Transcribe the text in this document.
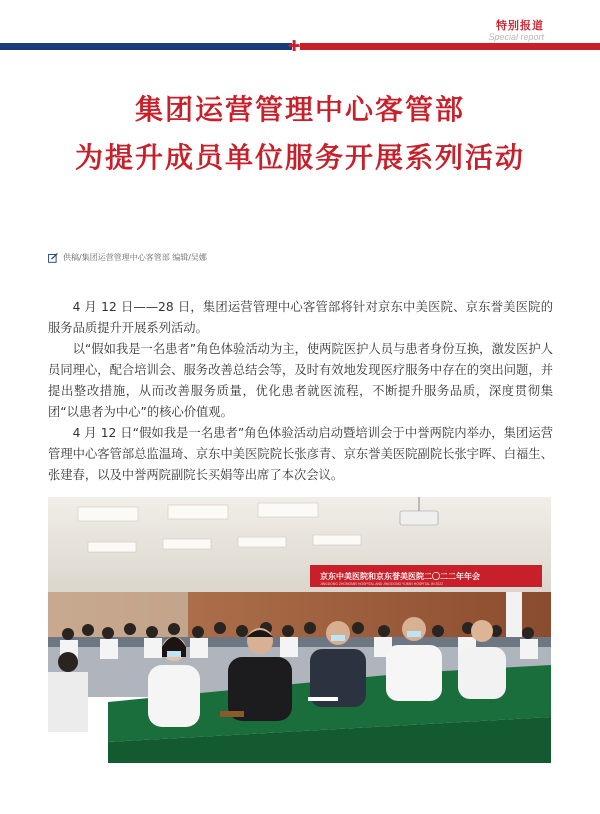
特别报道
Special report
✚
集团运营管理中心客管部
为提升成员单位服务开展系列活动
供稿/集团运营管理中心客管部 编辑/吴娜

4 月 12 日——28 日，集团运营管理中心客管部将针对京东中美医院、京东誉美医院的服务品质提升开展系列活动。

以“假如我是一名患者”角色体验活动为主，使两院医护人员与患者身份互换，激发医护人员同理心，配合培训会、服务改善总结会等，及时有效地发现医疗服务中存在的突出问题，并提出整改措施，从而改善服务质量，优化患者就医流程，不断提升服务品质，深度贯彻集团“以患者为中心”的核心价值观。

4 月 12 日“假如我是一名患者”角色体验活动启动暨培训会于中誉两院内举办，集团运营管理中心客管部总监温琦、京东中美医院院长张彦青、京东誉美医院副院长张宇晖、白福生、张建春，以及中誉两院副院长买娟等出席了本次会议。

京东中美医院和京东誉美医院二〇二二年年会
JINGDONG ZHONGMEI HOSPITAL AND JINGDONG YUMEI HOSPITAL IN 2022
